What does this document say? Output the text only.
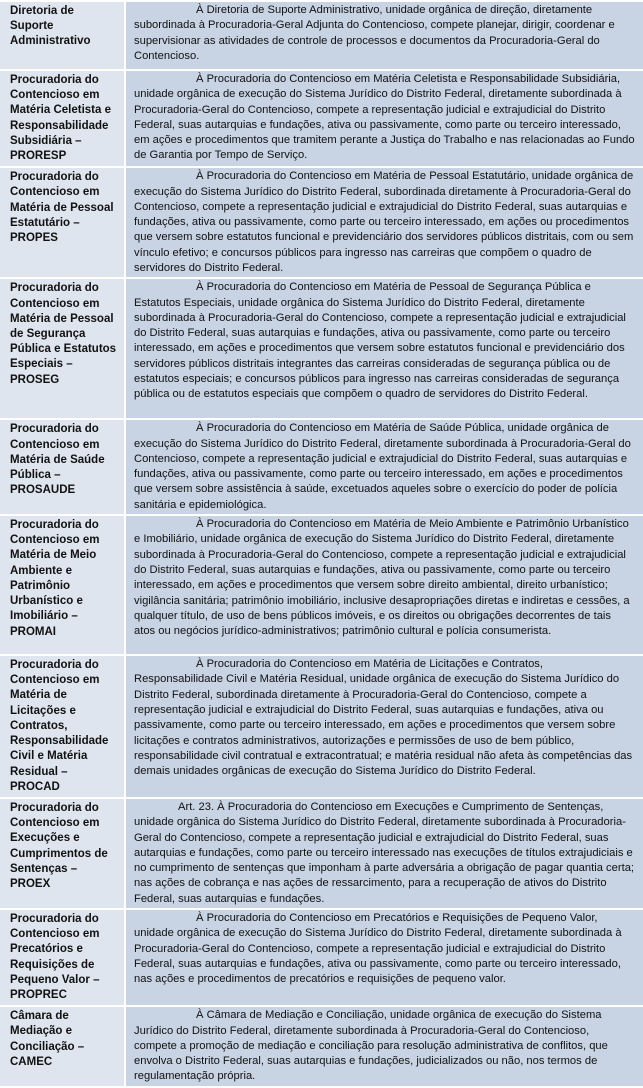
Diretoria de Suporte Administrativo	À Diretoria de Suporte Administrativo, unidade orgânica de direção, diretamente subordinada à Procuradoria-Geral Adjunta do Contencioso, compete planejar, dirigir, coordenar e supervisionar as atividades de controle de processos e documentos da Procuradoria-Geral do Contencioso.
Procuradoria do Contencioso em Matéria Celetista e Responsabilidade Subsidiária – PRORESP	À Procuradoria do Contencioso em Matéria Celetista e Responsabilidade Subsidiária, unidade orgânica de execução do Sistema Jurídico do Distrito Federal, diretamente subordinada à Procuradoria-Geral do Contencioso, compete a representação judicial e extrajudicial do Distrito Federal, suas autarquias e fundações, ativa ou passivamente, como parte ou terceiro interessado, em ações e procedimentos que tramitem perante a Justiça do Trabalho e nas relacionadas ao Fundo de Garantia por Tempo de Serviço.
Procuradoria do Contencioso em Matéria de Pessoal Estatutário – PROPES	À Procuradoria do Contencioso em Matéria de Pessoal Estatutário, unidade orgânica de execução do Sistema Jurídico do Distrito Federal, subordinada diretamente à Procuradoria-Geral do Contencioso, compete a representação judicial e extrajudicial do Distrito Federal, suas autarquias e fundações, ativa ou passivamente, como parte ou terceiro interessado, em ações ou procedimentos que versem sobre estatutos funcional e previdenciário dos servidores públicos distritais, com ou sem vínculo efetivo; e concursos públicos para ingresso nas carreiras que compõem o quadro de servidores do Distrito Federal.
Procuradoria do Contencioso em Matéria de Pessoal de Segurança Pública e Estatutos Especiais – PROSEG	À Procuradoria do Contencioso em Matéria de Pessoal de Segurança Pública e Estatutos Especiais, unidade orgânica do Sistema Jurídico do Distrito Federal, diretamente subordinada à Procuradoria-Geral do Contencioso, compete a representação judicial e extrajudicial do Distrito Federal, suas autarquias e fundações, ativa ou passivamente, como parte ou terceiro interessado, em ações e procedimentos que versem sobre estatutos funcional e previdenciário dos servidores públicos distritais integrantes das carreiras consideradas de segurança pública ou de estatutos especiais; e concursos públicos para ingresso nas carreiras consideradas de segurança pública ou de estatutos especiais que compõem o quadro de servidores do Distrito Federal.
Procuradoria do Contencioso em Matéria de Saúde Pública – PROSAUDE	À Procuradoria do Contencioso em Matéria de Saúde Pública, unidade orgânica de execução do Sistema Jurídico do Distrito Federal, diretamente subordinada à Procuradoria-Geral do Contencioso, compete a representação judicial e extrajudicial do Distrito Federal, suas autarquias e fundações, ativa ou passivamente, como parte ou terceiro interessado, em ações e procedimentos que versem sobre assistência à saúde, excetuados aqueles sobre o exercício do poder de polícia sanitária e epidemiológica.
Procuradoria do Contencioso em Matéria de Meio Ambiente e Patrimônio Urbanístico e Imobiliário – PROMAI	À Procuradoria do Contencioso em Matéria de Meio Ambiente e Patrimônio Urbanístico e Imobiliário, unidade orgânica de execução do Sistema Jurídico do Distrito Federal, diretamente subordinada à Procuradoria-Geral do Contencioso, compete a representação judicial e extrajudicial do Distrito Federal, suas autarquias e fundações, ativa ou passivamente, como parte ou terceiro interessado, em ações e procedimentos que versem sobre direito ambiental, direito urbanístico; vigilância sanitária; patrimônio imobiliário, inclusive desapropriações diretas e indiretas e cessões, a qualquer título, de uso de bens públicos imóveis, e os direitos ou obrigações decorrentes de tais atos ou negócios jurídico-administrativos; patrimônio cultural e polícia consumerista.
Procuradoria do Contencioso em Matéria de Licitações e Contratos, Responsabilidade Civil e Matéria Residual – PROCAD	À Procuradoria do Contencioso em Matéria de Licitações e Contratos, Responsabilidade Civil e Matéria Residual, unidade orgânica de execução do Sistema Jurídico do Distrito Federal, subordinada diretamente à Procuradoria-Geral do Contencioso, compete a representação judicial e extrajudicial do Distrito Federal, suas autarquias e fundações, ativa ou passivamente, como parte ou terceiro interessado, em ações e procedimentos que versem sobre licitações e contratos administrativos, autorizações e permissões de uso de bem público, responsabilidade civil contratual e extracontratual; e matéria residual não afeta às competências das demais unidades orgânicas de execução do Sistema Jurídico do Distrito Federal.
Procuradoria do Contencioso em Execuções e Cumprimentos de Sentenças – PROEX	Art. 23. À Procuradoria do Contencioso em Execuções e Cumprimento de Sentenças, unidade orgânica do Sistema Jurídico do Distrito Federal, diretamente subordinada à Procuradoria-Geral do Contencioso, compete a representação judicial e extrajudicial do Distrito Federal, suas autarquias e fundações, como parte ou terceiro interessado nas execuções de títulos extrajudiciais e no cumprimento de sentenças que imponham à parte adversária a obrigação de pagar quantia certa; nas ações de cobrança e nas ações de ressarcimento, para a recuperação de ativos do Distrito Federal, suas autarquias e fundações.
Procuradoria do Contencioso em Precatórios e Requisições de Pequeno Valor – PROPREC	À Procuradoria do Contencioso em Precatórios e Requisições de Pequeno Valor, unidade orgânica de execução do Sistema Jurídico do Distrito Federal, diretamente subordinada à Procuradoria-Geral do Contencioso, compete a representação judicial e extrajudicial do Distrito Federal, suas autarquias e fundações, ativa ou passivamente, como parte ou terceiro interessado, nas ações e procedimentos de precatórios e requisições de pequeno valor.
Câmara de Mediação e Conciliação – CAMEC	À Câmara de Mediação e Conciliação, unidade orgânica de execução do Sistema Jurídico do Distrito Federal, diretamente subordinada à Procuradoria-Geral do Contencioso, compete a promoção de mediação e conciliação para resolução administrativa de conflitos, que envolva o Distrito Federal, suas autarquias e fundações, judicializados ou não, nos termos de regulamentação própria.
